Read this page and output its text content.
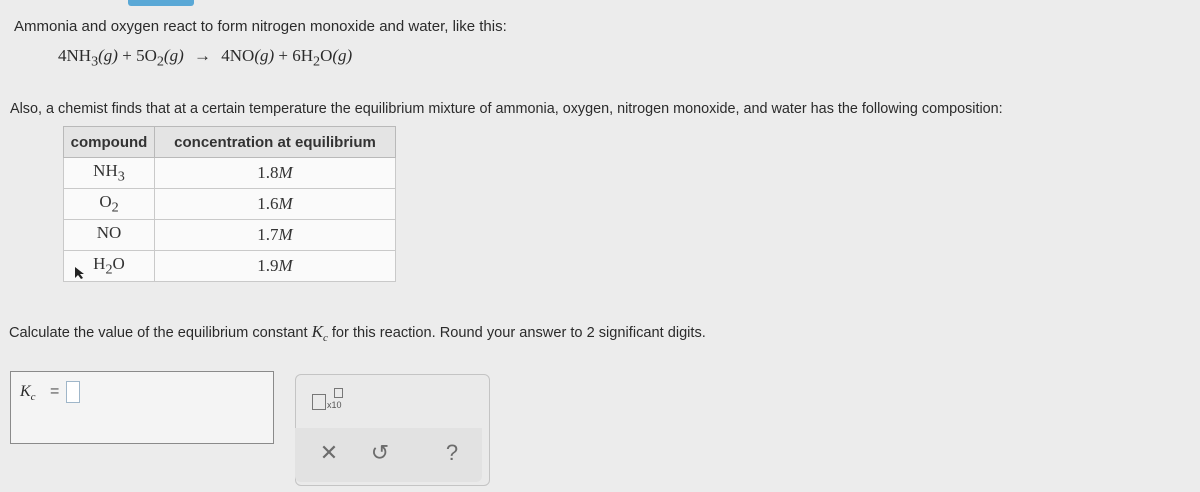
Ammonia and oxygen react to form nitrogen monoxide and water, like this:
$4NH_3(g) + 5O_2(g) \to 4NO(g) + 6H_2O(g)$
Also, a chemist finds that at a certain temperature the equilibrium mixture of ammonia, oxygen, nitrogen monoxide, and water has the following composition:
compound	concentration at equilibrium
$NH_3$	1.8M
$O_2$	1.6M
NO	1.7M
$H_2O$	1.9M
Calculate the value of the equilibrium constant $K_c$ for this reaction. Round your answer to 2 significant digits.
$K_c$ =
x10
✕ ↺	?
